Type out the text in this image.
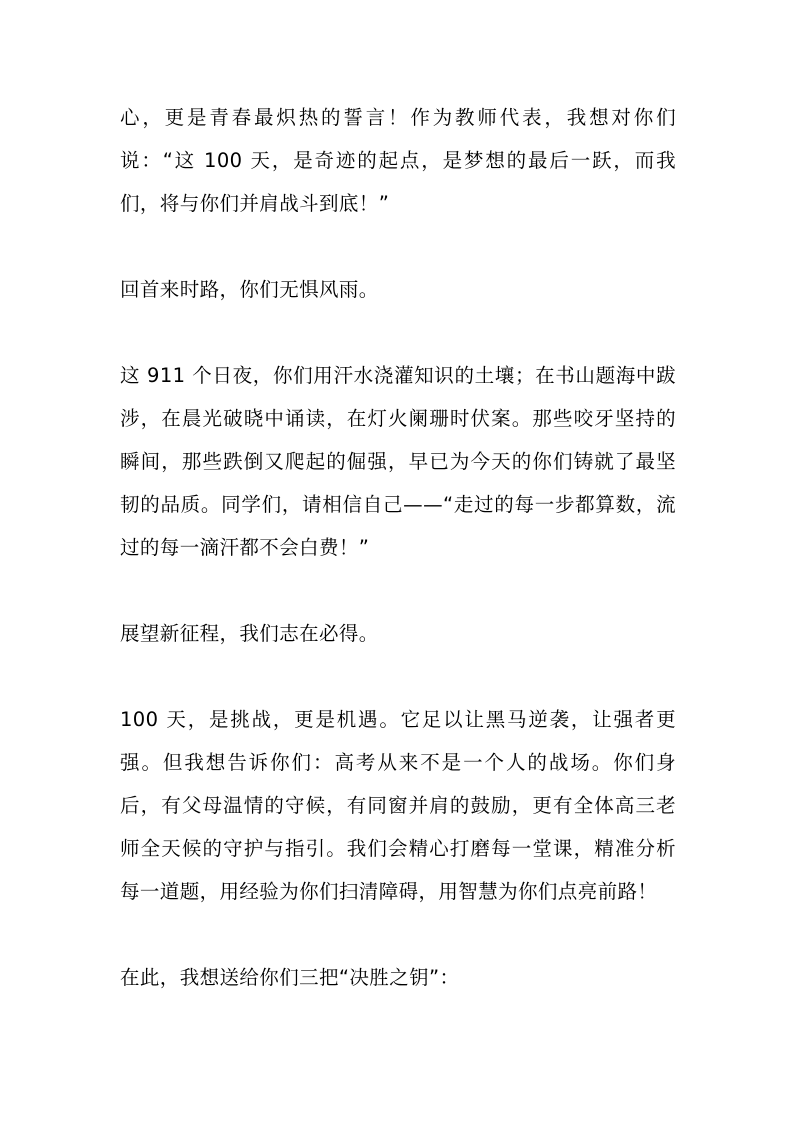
心，更是青春最炽热的誓言！作为教师代表，我想对你们说：“这 100 天，是奇迹的起点，是梦想的最后一跃，而我们，将与你们并肩战斗到底！”

回首来时路，你们无惧风雨。

这 911 个日夜，你们用汗水浇灌知识的土壤；在书山题海中跋涉，在晨光破晓中诵读，在灯火阑珊时伏案。那些咬牙坚持的瞬间，那些跌倒又爬起的倔强，早已为今天的你们铸就了最坚韧的品质。同学们，请相信自己——“走过的每一步都算数，流过的每一滴汗都不会白费！”

展望新征程，我们志在必得。

100 天，是挑战，更是机遇。它足以让黑马逆袭，让强者更强。但我想告诉你们：高考从来不是一个人的战场。你们身后，有父母温情的守候，有同窗并肩的鼓励，更有全体高三老师全天候的守护与指引。我们会精心打磨每一堂课，精准分析每一道题，用经验为你们扫清障碍，用智慧为你们点亮前路！

在此，我想送给你们三把“决胜之钥”：
